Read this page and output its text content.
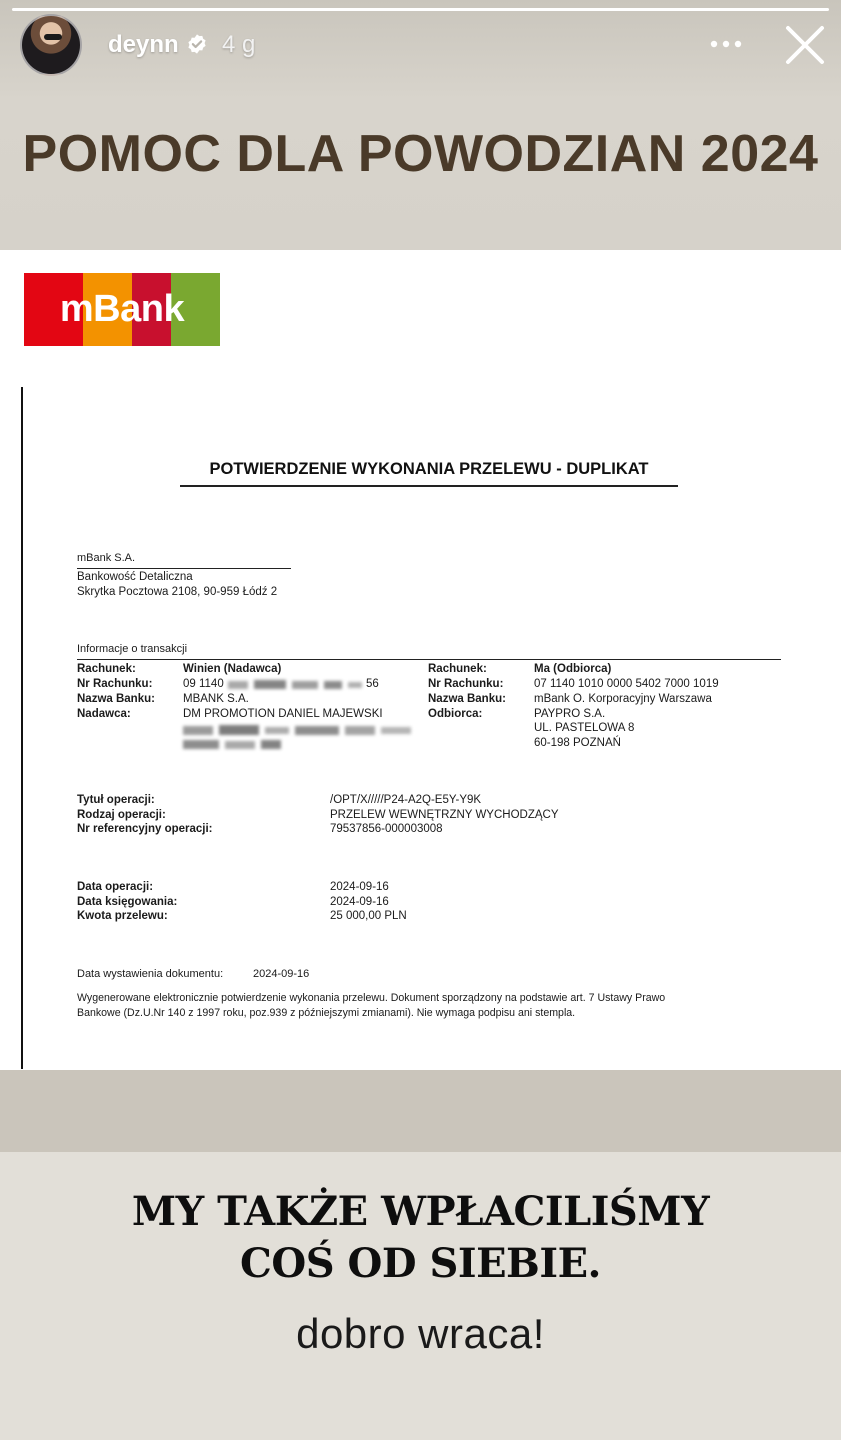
deynn 4 g
POMOC DLA POWODZIAN 2024
mBank
POTWIERDZENIE WYKONANIA PRZELEWU - DUPLIKAT
mBank S.A.
Bankowość Detaliczna
Skrytka Pocztowa 2108, 90-959 Łódź 2
Informacje o transakcji
Rachunek:
Nr Rachunku:
Nazwa Banku:
Nadawca:
Winien (Nadawca)
09 1140	56
MBANK S.A.
DM PROMOTION DANIEL MAJEWSKI
Rachunek:
Nr Rachunku:
Nazwa Banku:
Odbiorca:
Ma (Odbiorca)
07 1140 1010 0000 5402 7000 1019
mBank O. Korporacyjny Warszawa
PAYPRO S.A.
UL. PASTELOWA 8
60-198 POZNAŃ
Tytuł operacji:
Rodzaj operacji:
Nr referencyjny operacji:
/OPT/X/////P24-A2Q-E5Y-Y9K
PRZELEW WEWNĘTRZNY WYCHODZĄCY
79537856-000003008
Data operacji:
Data księgowania:
Kwota przelewu:
2024-09-16
2024-09-16
25 000,00 PLN
Data wystawienia dokumentu:	2024-09-16
Wygenerowane elektronicznie potwierdzenie wykonania przelewu. Dokument sporządzony na podstawie art. 7 Ustawy Prawo
Bankowe (Dz.U.Nr 140 z 1997 roku, poz.939 z późniejszymi zmianami). Nie wymaga podpisu ani stempla.
MY TAKŻE WPŁACILIŚMY
COŚ OD SIEBIE.
dobro wraca!
